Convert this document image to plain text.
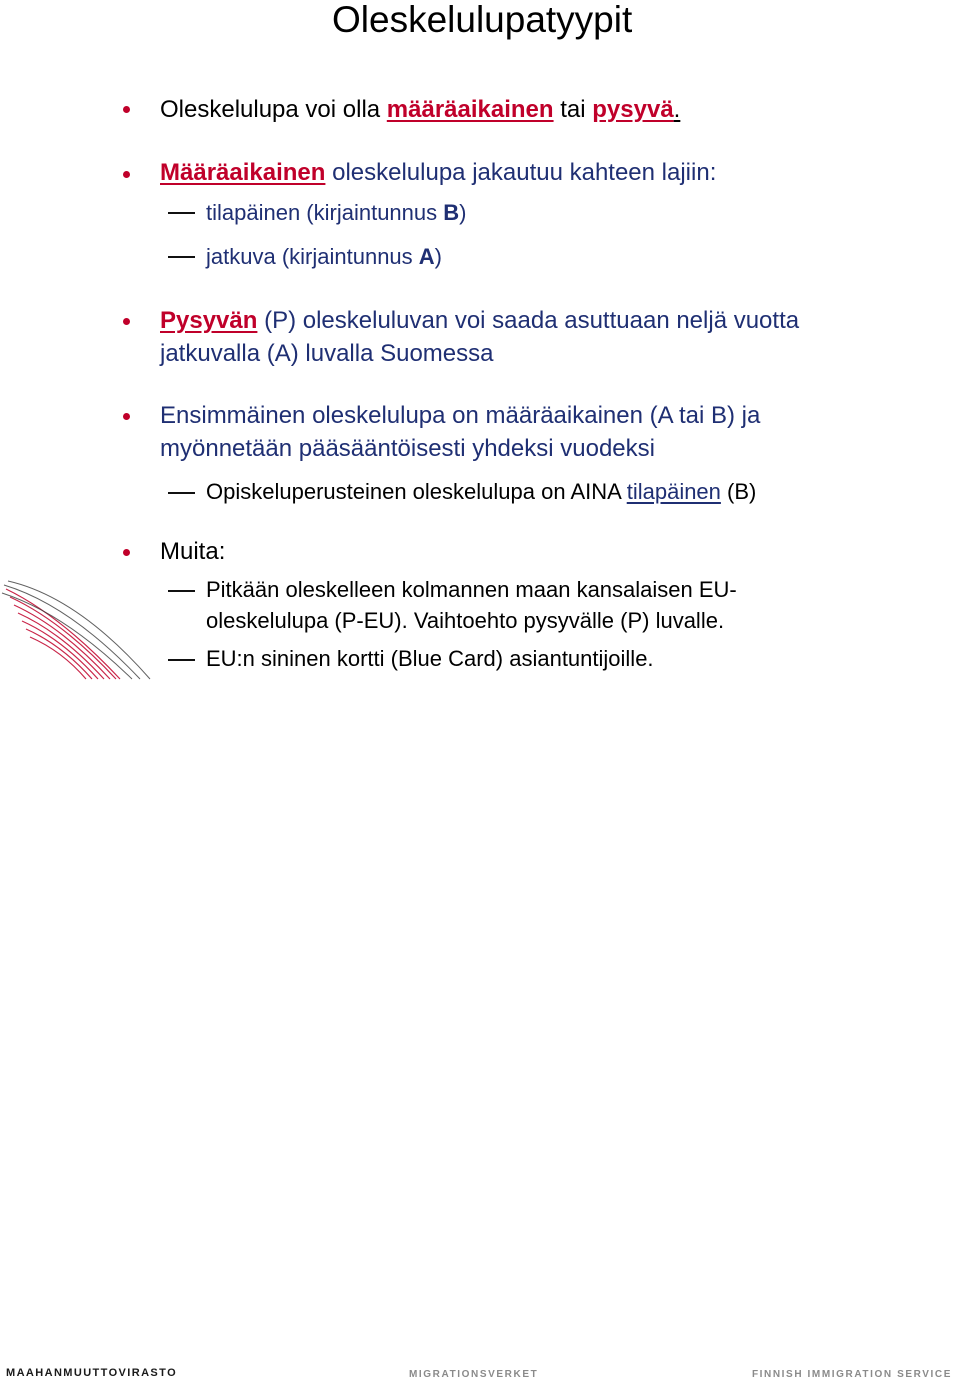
Oleskelulupatyypit
Oleskelulupa voi olla määräaikainen tai pysyvä.
Määräaikainen oleskelulupa jakautuu kahteen lajiin:
tilapäinen (kirjaintunnus B)
jatkuva (kirjaintunnus A)
Pysyvän (P) oleskeluluvan voi saada asuttuaan neljä vuotta
jatkuvalla (A) luvalla Suomessa
Ensimmäinen oleskelulupa on määräaikainen (A tai B) ja
myönnetään pääsääntöisesti yhdeksi vuodeksi
Opiskeluperusteinen oleskelulupa on AINA tilapäinen (B)
Muita:
Pitkään oleskelleen kolmannen maan kansalaisen EU-
oleskelulupa (P-EU). Vaihtoehto pysyvälle (P) luvalle.
EU:n sininen kortti (Blue Card) asiantuntijoille.
MAAHANMUUTTOVIRASTO	MIGRATIONSVERKET	FINNISH IMMIGRATION SERVICE
